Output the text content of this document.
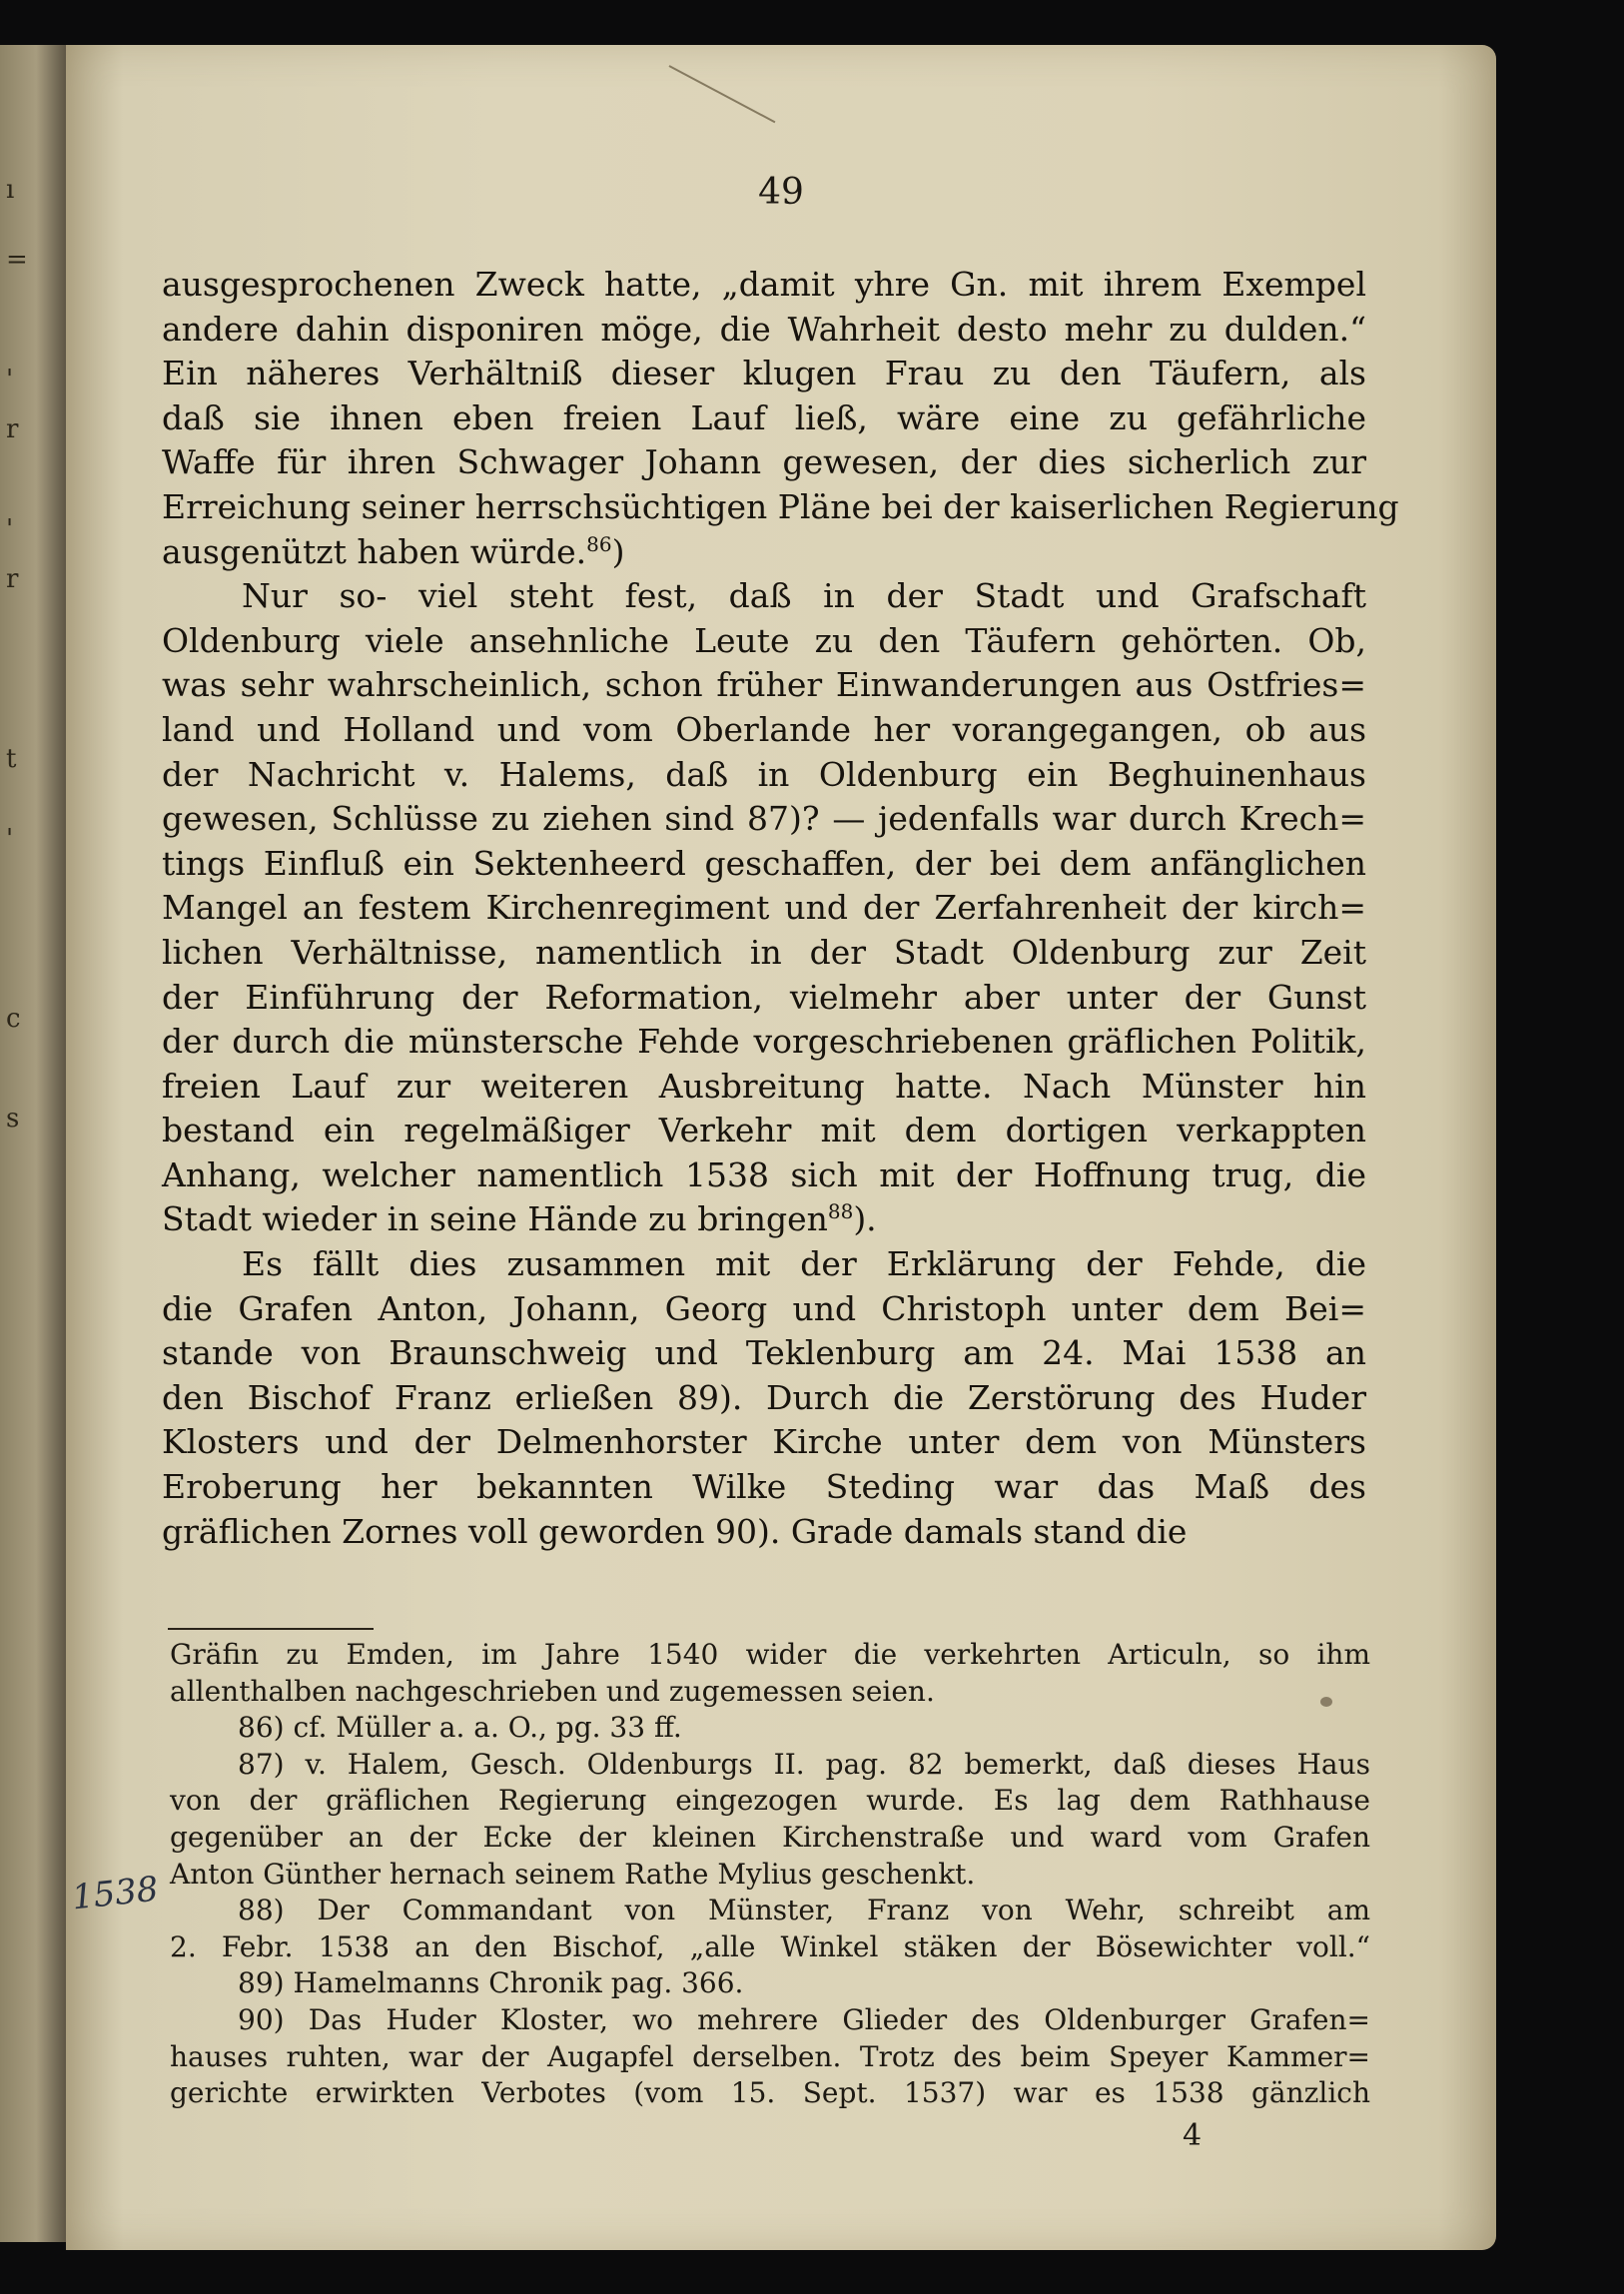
ı
=
'
r
'
r
t
'
c
s
49

ausgesprochenen Zweck hatte, „damit yhre Gn. mit ihrem Exempel
andere dahin disponiren möge, die Wahrheit desto mehr zu dulden.“
Ein näheres Verhältniß dieser klugen Frau zu den Täufern, als
daß sie ihnen eben freien Lauf ließ, wäre eine zu gefährliche
Waffe für ihren Schwager Johann gewesen, der dies sicherlich zur
Erreichung seiner herrschsüchtigen Pläne bei der kaiserlichen Regierung
ausgenützt haben würde.$^{86}$)

Nur so- viel steht fest, daß in der Stadt und Grafschaft
Oldenburg viele ansehnliche Leute zu den Täufern gehörten. Ob,
was sehr wahrscheinlich, schon früher Einwanderungen aus Ostfries=
land und Holland und vom Oberlande her vorangegangen, ob aus
der Nachricht v. Halems, daß in Oldenburg ein Beghuinenhaus
gewesen, Schlüsse zu ziehen sind 87)? — jedenfalls war durch Krech=
tings Einfluß ein Sektenheerd geschaffen, der bei dem anfänglichen
Mangel an festem Kirchenregiment und der Zerfahrenheit der kirch=
lichen Verhältnisse, namentlich in der Stadt Oldenburg zur Zeit
der Einführung der Reformation, vielmehr aber unter der Gunst
der durch die münstersche Fehde vorgeschriebenen gräflichen Politik,
freien Lauf zur weiteren Ausbreitung hatte. Nach Münster hin
bestand ein regelmäßiger Verkehr mit dem dortigen verkappten
Anhang, welcher namentlich 1538 sich mit der Hoffnung trug, die
Stadt wieder in seine Hände zu bringen$^{88}$).

Es fällt dies zusammen mit der Erklärung der Fehde, die
die Grafen Anton, Johann, Georg und Christoph unter dem Bei=
stande von Braunschweig und Teklenburg am 24. Mai 1538 an
den Bischof Franz erließen 89). Durch die Zerstörung des Huder
Klosters und der Delmenhorster Kirche unter dem von Münsters
Eroberung her bekannten Wilke Steding war das Maß des
gräflichen Zornes voll geworden 90). Grade damals stand die

Gräfin zu Emden, im Jahre 1540 wider die verkehrten Articuln, so ihm
allenthalben nachgeschrieben und zugemessen seien.
86) cf. Müller a. a. O., pg. 33 ff.
87) v. Halem, Gesch. Oldenburgs II. pag. 82 bemerkt, daß dieses Haus
von der gräflichen Regierung eingezogen wurde. Es lag dem Rathhause
gegenüber an der Ecke der kleinen Kirchenstraße und ward vom Grafen
Anton Günther hernach seinem Rathe Mylius geschenkt.
88) Der Commandant von Münster, Franz von Wehr, schreibt am
2. Febr. 1538 an den Bischof, „alle Winkel stäken der Bösewichter voll.“
89) Hamelmanns Chronik pag. 366.
90) Das Huder Kloster, wo mehrere Glieder des Oldenburger Grafen=
hauses ruhten, war der Augapfel derselben. Trotz des beim Speyer Kammer=
gerichte erwirkten Verbotes (vom 15. Sept. 1537) war es 1538 gänzlich
4
1538
